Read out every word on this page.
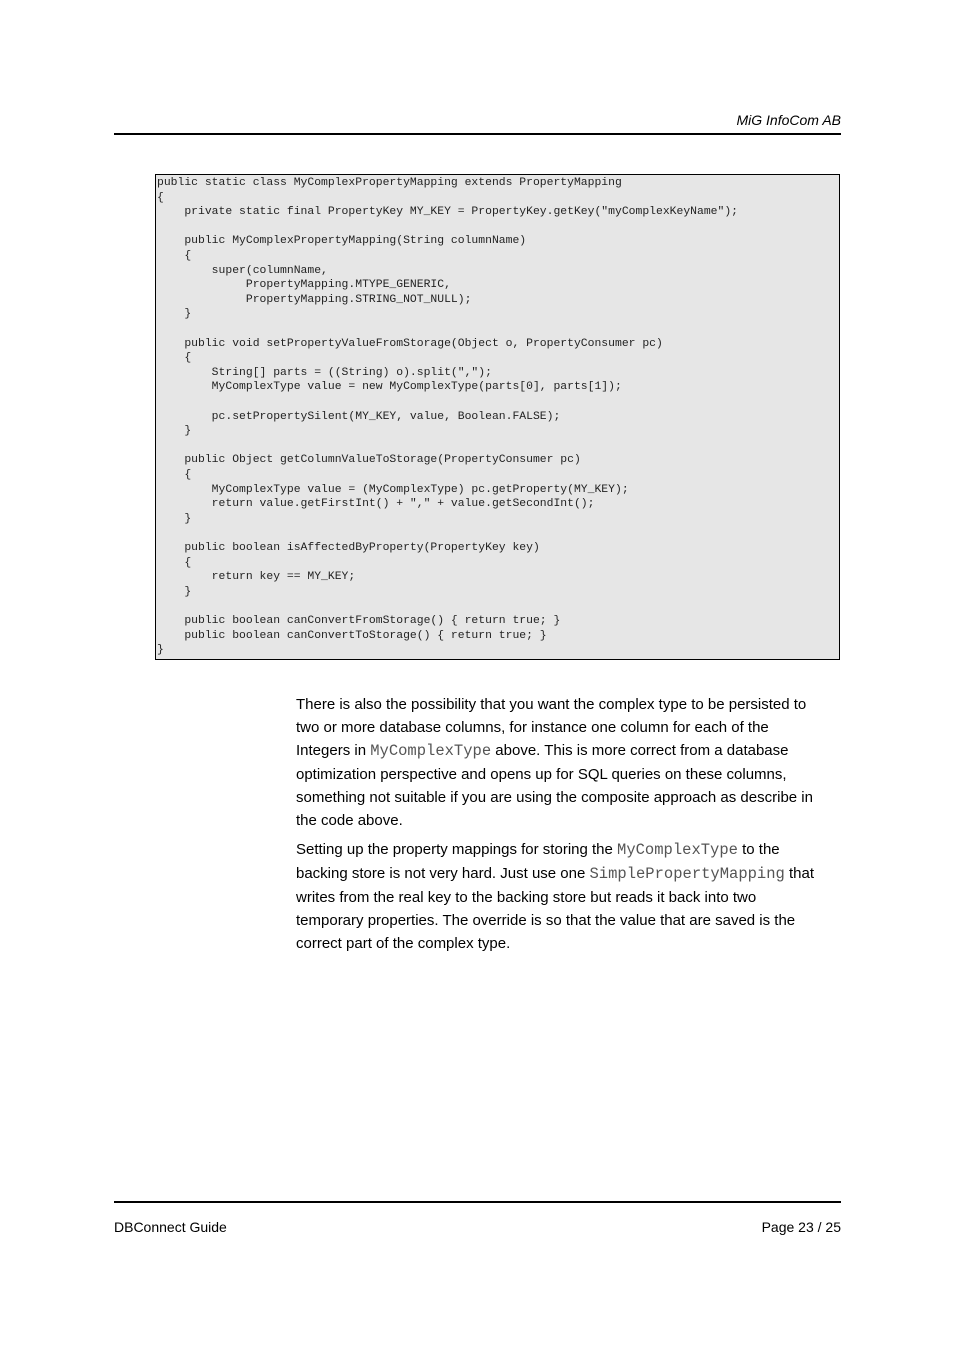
MiG InfoCom AB
public static class MyComplexPropertyMapping extends PropertyMapping
{
private static final PropertyKey MY_KEY = PropertyKey.getKey("myComplexKeyName");
public MyComplexPropertyMapping(String columnName)
{
super(columnName,
PropertyMapping.MTYPE_GENERIC,
PropertyMapping.STRING_NOT_NULL);
}
public void setPropertyValueFromStorage(Object o, PropertyConsumer pc)
{
String[] parts = ((String) o).split(",");
MyComplexType value = new MyComplexType(parts[0], parts[1]);
pc.setPropertySilent(MY_KEY, value, Boolean.FALSE);
}
public Object getColumnValueToStorage(PropertyConsumer pc)
{
MyComplexType value = (MyComplexType) pc.getProperty(MY_KEY);
return value.getFirstInt() + "," + value.getSecondInt();
}
public boolean isAffectedByProperty(PropertyKey key)
{
return key == MY_KEY;
}
public boolean canConvertFromStorage() { return true; }
public boolean canConvertToStorage() { return true; }
}

There is also the possibility that you want the complex type to be persisted to two or more database columns, for instance one column for each of the Integers in MyComplexType above. This is more correct from a database optimization perspective and opens up for SQL queries on these columns, something not suitable if you are using the composite approach as describe in the code above.

Setting up the property mappings for storing the MyComplexType to the backing store is not very hard. Just use one SimplePropertyMapping that writes from the real key to the backing store but reads it back into two temporary properties. The override is so that the value that are saved is the correct part of the complex type.

DBConnect Guide	Page 23 / 25
